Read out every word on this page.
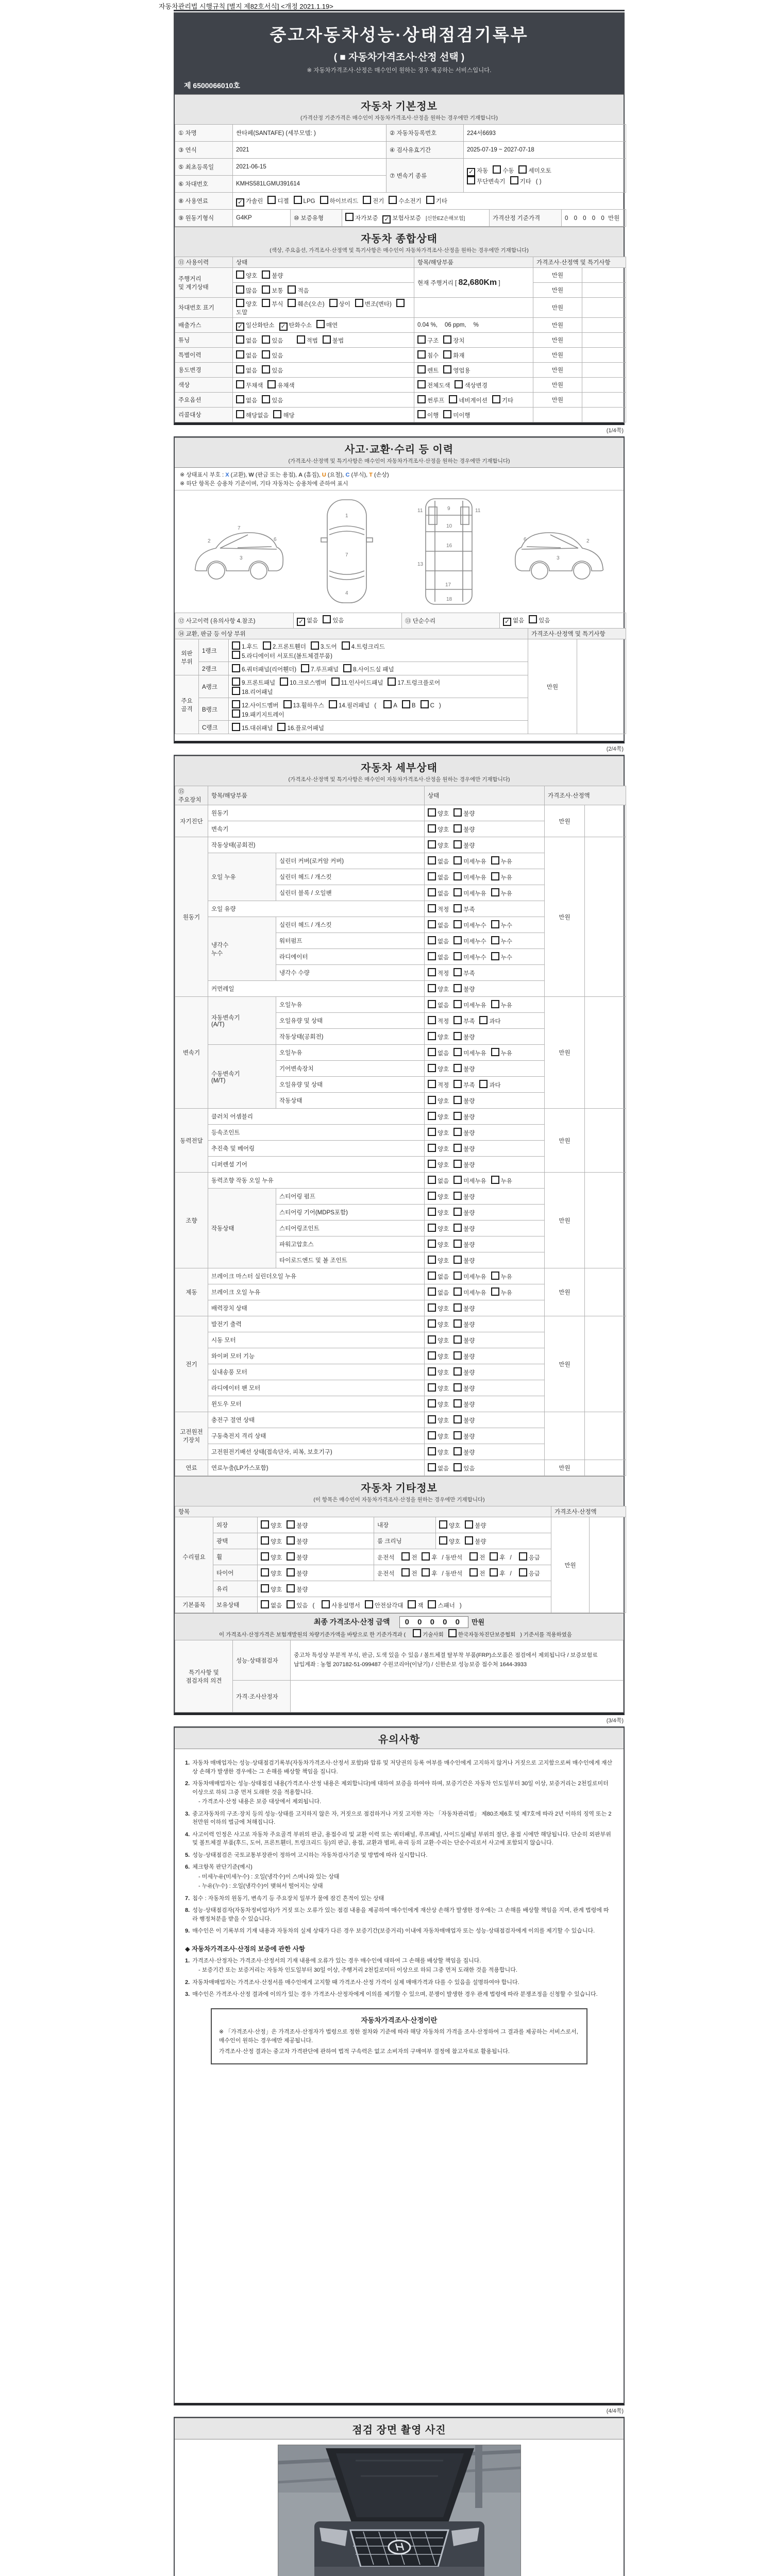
자동차관리법 시행규칙 [별지 제82호서식] <개정 2021.1.19>
중고자동차성능·상태점검기록부
( ■ 자동차가격조사·산정 선택 )
※ 자동차가격조사·산정은 매수인이 원하는 경우 제공하는 서비스입니다.
제 6500066010호
자동차 기본정보
(가격산정 기준가격은 매수인이 자동차가격조사·산정을 원하는 경우에만 기재합니다)
① 차명	싼타페(SANTAFE) (세부모델: )	② 자동차등록번호	224서6693
③ 연식	2021	④ 검사유효기간	2025-07-19 ~ 2027-07-18
⑤ 최초등록일	2021-06-15	⑦ 변속기 종류	
✓자동 수동 세미오토
무단변속기 기타 ( )

⑥ 차대번호	KMHS581LGMU391614		
⑧ 사용연료	✓가솔린 디젤 LPG 하이브리드 전기 수소전기 기타
⑨ 원동기형식	G4KP	⑩ 보증유형	자가보증 ✓ 보험사보증 [신한EZ손해보험]	가격산정 기준가격	0 0 0 0 0 만원
자동차 종합상태
(색상, 주요옵션, 가격조사·산정액 및 특기사항은 매수인이 자동차가격조사·산정을 원하는 경우에만 기재합니다)
⑪ 사용이력	상태	항목/해당부품	가격조사·산정액 및 특기사항	
주행거리
및 계기상태	양호 불량	현재 주행거리 [ 82,680Km ]	만원	
	많음 보통 적음		만원	
차대번호 표기	양호 부식 훼손(오손) 상이 변조(변타)도말		만원	
배출가스	✓일산화탄소 ✓ 탄화수소 매연	0.04 %, 06 ppm, %	만원	
튜닝	없음 있음 적법 불법	구조 장치	만원	
특별이력	없음 있음	침수 화재	만원	
용도변경	없음 있음	렌트 영업용	만원	
색상	무채색 유채색	전체도색 색상변경	만원	
주요옵션	없음 있음	썬루프 네비게이션 기타	만원	
리콜대상	해당없음 해당	이행 미이행		
(1/4쪽)
사고·교환·수리 등 이력
(가격조사·산정액 및 특기사항은 매수인이 자동차가격조사·산정을 원하는 경우에만 기재합니다)
※ 상태표시 부호 : X (교환), W (판금 또는 용접), A (흠집), U (요철), C (부식), T (손상)
※ 하단 항목은 승용차 기준이며, 기타 자동차는 승용차에 준하여 표시
2
7
3
6
1
7
4
11	11
9
10
16
13
17
18
2
3
6
⑫ 사고이력 (유의사항 4.참조)	✓없음 있음	⑬ 단순수리	✓없음 있음
⑭ 교환, 판금 등 이상 부위			가격조사·산정액 및 특기사항	
외판부위	1랭크	1.후드 2.프론트휀더 3.도어 4.트렁크리드
5.라디에이터 서포트(볼트체결부품)	만원	
	2랭크	6.쿼터패널(리어휀더) 7.루프패널 8.사이드실 패널		
주요골격	A랭크	9.프론트패널 10.크로스멤버 11.인사이드패널 17.트렁크플로어
18.리어패널		
	B랭크	12.사이드멤버 13.휠하우스 14.필러패널 ( A B C )
19.패키지트레이		
	C랭크	15.대쉬패널 16.플로어패널		
(2/4쪽)
자동차 세부상태
(가격조사·산정액 및 특기사항은 매수인이 자동차가격조사·산정을 원하는 경우에만 기재합니다)
⑮ 주요장치	항목/해당부품		상태	가격조사·산정액	
자기진단	원동기		양호 불량	만원	
	변속기		양호 불량		
원동기	작동상태(공회전)		양호 불량	만원	
	오일 누유	실린더 커버(로커암 커버)	없음 미세누유 누유		
		실린더 헤드 / 개스킷	없음 미세누유 누유		
		실린더 블록 / 오일팬	없음 미세누유 누유		
	오일 유량		적정 부족		
	냉각수
누수	실린더 헤드 / 개스킷	없음 미세누수 누수		
		워터펌프	없음 미세누수 누수		
		라디에이터	없음 미세누수 누수		
		냉각수 수량	적정 부족		
	커먼레일		양호 불량		
변속기	자동변속기
(A/T)	오일누유	없음 미세누유 누유	만원	
		오일유량 및 상태	적정 부족 과다		
		작동상태(공회전)	양호 불량		
	수동변속기
(M/T)	오일누유	없음 미세누유 누유		
		기어변속장치	양호 불량		
		오일유량 및 상태	적정 부족 과다		
		작동상태	양호 불량		
동력전달	클러치 어셈블리		양호 불량	만원	
	등속조인트		양호 불량		
	추진축 및 베어링		양호 불량		
	디퍼렌셜 기어		양호 불량		
조향	동력조향 작동 오일 누유		없음 미세누유 누유	만원	
	작동상태	스티어링 펌프	양호 불량		
		스티어링 기어(MDPS포함)	양호 불량		
		스티어링조인트	양호 불량		
		파워고압호스	양호 불량		
		타이로드엔드 및 볼 조인트	양호 불량		
제동	브레이크 마스터 실린더오일 누유		없음 미세누유 누유	만원	
	브레이크 오일 누유		없음 미세누유 누유		
	배력장치 상태		양호 불량		
전기	발전기 출력		양호 불량	만원	
	시동 모터		양호 불량		
	와이퍼 모터 기능		양호 불량		
	실내송풍 모터		양호 불량		
	라디에이터 팬 모터		양호 불량		
	윈도우 모터		양호 불량		
고전원전기장치	충전구 절연 상태		양호 불량		
	구동축전지 격리 상태		양호 불량		
	고전원전기배선 상태(접속단자, 피복, 보호기구)		양호 불량		
연료	연료누출(LP가스포함)		없음 있음	만원	
자동차 기타정보
(이 항목은 매수인이 자동차가격조사·산정을 원하는 경우에만 기재합니다)
항목					가격조사·산정액	
수리필요	외장	양호 불량	내장	양호 불량	만원	
	광택	양호 불량	룸 크리닝	양호 불량		
	휠	양호 불량	운전석 전 후 / 동반석 전 후 / 응급			
	타이어	양호 불량	운전석 전 후 / 동반석 전 후 / 응급			
	유리	양호 불량				
기본품목	보유상태	없음 있음 ( 사용설명서 안전삼각대 잭 스패너 )				
최종 가격조사·산정 금액 0 0 0 0 0 만원
이 가격조사·산정가격은 보험개발원의 차량기준가액을 바탕으로 한 기준가격과 (	기술사회	한국자동차진단보증협회 ) 기준서를 적용하였음
특기사항 및
점검자의 의견	성능·상태점검자	중고차 특성상 부분적 부식, 판금, 도색 있을 수 있음 / 볼트체결 탈부착 부품(FRP)소모품은 점검에서 제외됩니다 / 보증보험료 납입계좌 : 농협 207182-51-099487 수원코리아(이남기) / 신한손보 성능보증 접수처 1644-3933
	가격·조사산정자	
(3/4쪽)
유의사항
1. 자동차 매매업자는 성능·상태점검기록부(자동차가격조사·산정서 포함)와 압류 및 저당권의 등록 여부를 매수인에게 고지하지 않거나 거짓으로 고지함으로써 매수인에게 재산상 손해가 발생한 경우에는 그 손해를 배상할 책임을 집니다.
2. 자동차매매업자는 성능·상태점검 내용(가격조사·산정 내용은 제외합니다)에 대하여 보증을 하여야 하며, 보증기간은 자동차 인도일부터 30일 이상, 보증거리는 2천킬로미터 이상으로 하되 그중 먼저 도래한 것을 적용합니다.
- 가격조사·산정 내용은 보증 대상에서 제외됩니다.
3. 중고자동차의 구조·장치 등의 성능·상태를 고지하지 않은 자, 거짓으로 점검하거나 거짓 고지한 자는 「자동차관리법」 제80조제6호 및 제7호에 따라 2년 이하의 징역 또는 2천만원 이하의 벌금에 처해집니다.
4. 사고이력 인정은 사고로 자동차 주요골격 부위의 판금, 용접수리 및 교환 이력 또는 쿼터패널, 루프패널, 사이드실패널 부위의 절단, 용접 시에만 해당됩니다. 단순히 외판부위 및 볼트체결 부품(후드, 도어, 프론트휀더, 트렁크리드 등)의 판금, 용접, 교환과 범퍼, 유리 등의 교환·수리는 단순수리로서 사고에 포함되지 않습니다.
5. 성능·상태점검은 국토교통부장관이 정하여 고시하는 자동차검사기준 및 방법에 따라 실시합니다.
6. 체크항목 판단기준(예시)
- 미세누유(미세누수) : 오일(냉각수)이 스며나와 있는 상태
- 누유(누수) : 오일(냉각수)이 맺혀서 떨어지는 상태
7. 침수 : 자동차의 원동기, 변속기 등 주요장치 일부가 물에 잠긴 흔적이 있는 상태
8. 성능·상태점검자(자동차정비업자)가 거짓 또는 오류가 있는 점검 내용을 제공하여 매수인에게 재산상 손해가 발생한 경우에는 그 손해를 배상할 책임을 지며, 관계 법령에 따라 행정처분을 받을 수 있습니다.
9. 매수인은 이 기록부의 기재 내용과 자동차의 실제 상태가 다른 경우 보증기간(보증거리) 이내에 자동차매매업자 또는 성능·상태점검자에게 이의를 제기할 수 있습니다.
◆ 자동차가격조사·산정의 보증에 관한 사항
1. 가격조사·산정자는 가격조사·산정서의 기재 내용에 오류가 있는 경우 매수인에 대하여 그 손해를 배상할 책임을 집니다.
- 보증기간 또는 보증거리는 자동차 인도일부터 30일 이상, 주행거리 2천킬로미터 이상으로 하되 그중 먼저 도래한 것을 적용합니다.
2. 자동차매매업자는 가격조사·산정서를 매수인에게 고지할 때 가격조사·산정 가격이 실제 매매가격과 다를 수 있음을 설명하여야 합니다.
3. 매수인은 가격조사·산정 결과에 이의가 있는 경우 가격조사·산정자에게 이의를 제기할 수 있으며, 분쟁이 발생한 경우 관계 법령에 따라 분쟁조정을 신청할 수 있습니다.
자동차가격조사·산정이란

※ 「가격조사·산정」은 가격조사·산정자가 법령으로 정한 절차와 기준에 따라 해당 자동차의 가격을 조사·산정하여 그 결과를 제공하는 서비스로서, 매수인이 원하는 경우에만 제공됩니다.

가격조사·산정 결과는 중고차 가격판단에 관하여 법적 구속력은 없고 소비자의 구매여부 결정에 참고자료로 활용됩니다.

(4/4쪽)
점검 장면 촬영 사진
